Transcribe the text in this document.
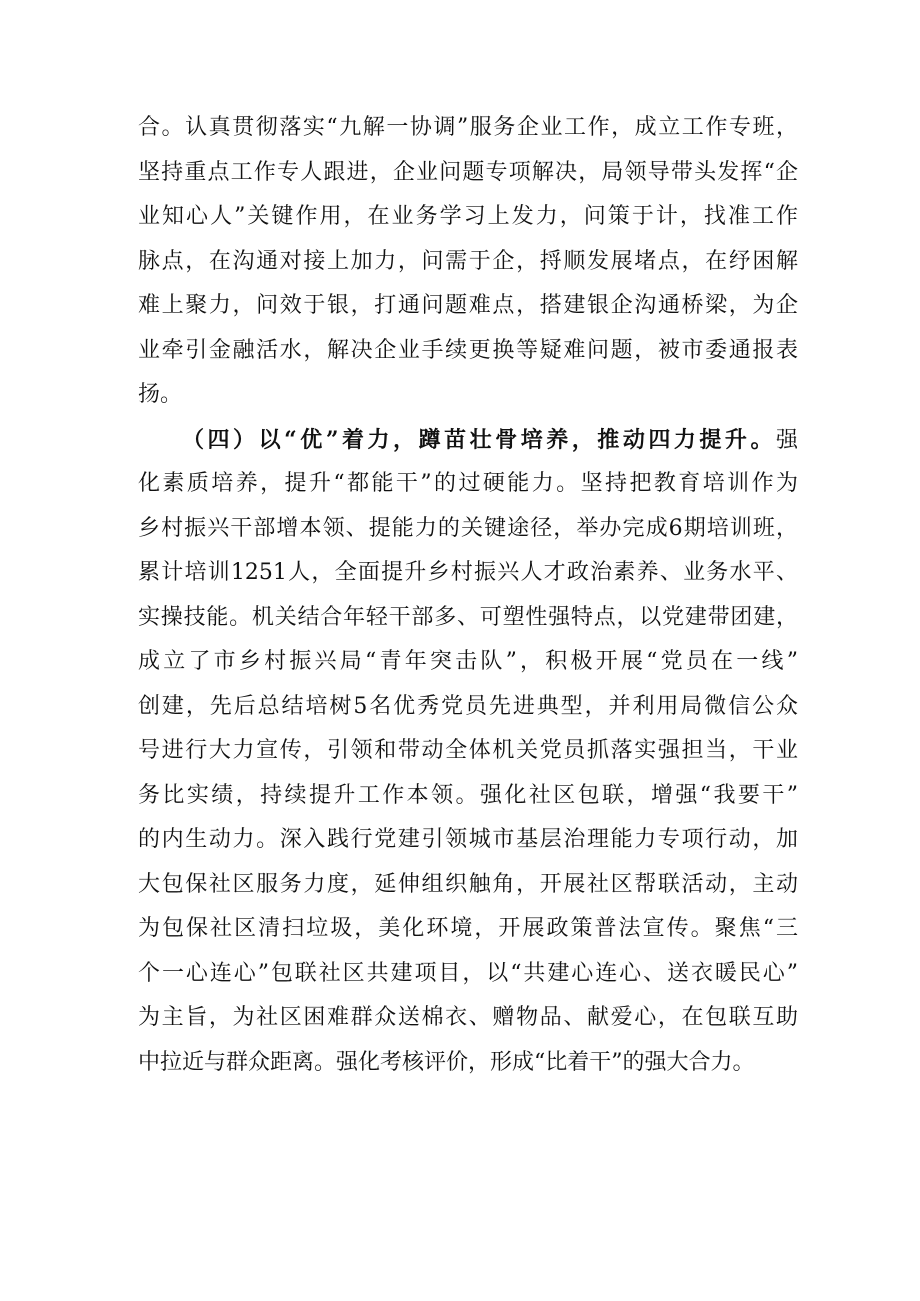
合。认真贯彻落实“九解一协调”服务企业工作，成立工作专班，
坚持重点工作专人跟进，企业问题专项解决，局领导带头发挥“企
业知心人”关键作用，在业务学习上发力，问策于计，找准工作
脉点，在沟通对接上加力，问需于企，捋顺发展堵点，在纾困解
难上聚力，问效于银，打通问题难点，搭建银企沟通桥梁，为企
业牵引金融活水，解决企业手续更换等疑难问题，被市委通报表
扬。
（四）以“优”着力，蹲苗壮骨培养，推动四力提升。强
化素质培养，提升“都能干”的过硬能力。坚持把教育培训作为
乡村振兴干部增本领、提能力的关键途径，举办完成6期培训班，
累计培训1251人，全面提升乡村振兴人才政治素养、业务水平、
实操技能。机关结合年轻干部多、可塑性强特点，以党建带团建，
成立了市乡村振兴局“青年突击队”，积极开展“党员在一线”
创建，先后总结培树5名优秀党员先进典型，并利用局微信公众
号进行大力宣传，引领和带动全体机关党员抓落实强担当，干业
务比实绩，持续提升工作本领。强化社区包联，增强“我要干”
的内生动力。深入践行党建引领城市基层治理能力专项行动，加
大包保社区服务力度，延伸组织触角，开展社区帮联活动，主动
为包保社区清扫垃圾，美化环境，开展政策普法宣传。聚焦“三
个一心连心”包联社区共建项目，以“共建心连心、送衣暖民心”
为主旨，为社区困难群众送棉衣、赠物品、献爱心，在包联互助
中拉近与群众距离。强化考核评价，形成“比着干”的强大合力。
